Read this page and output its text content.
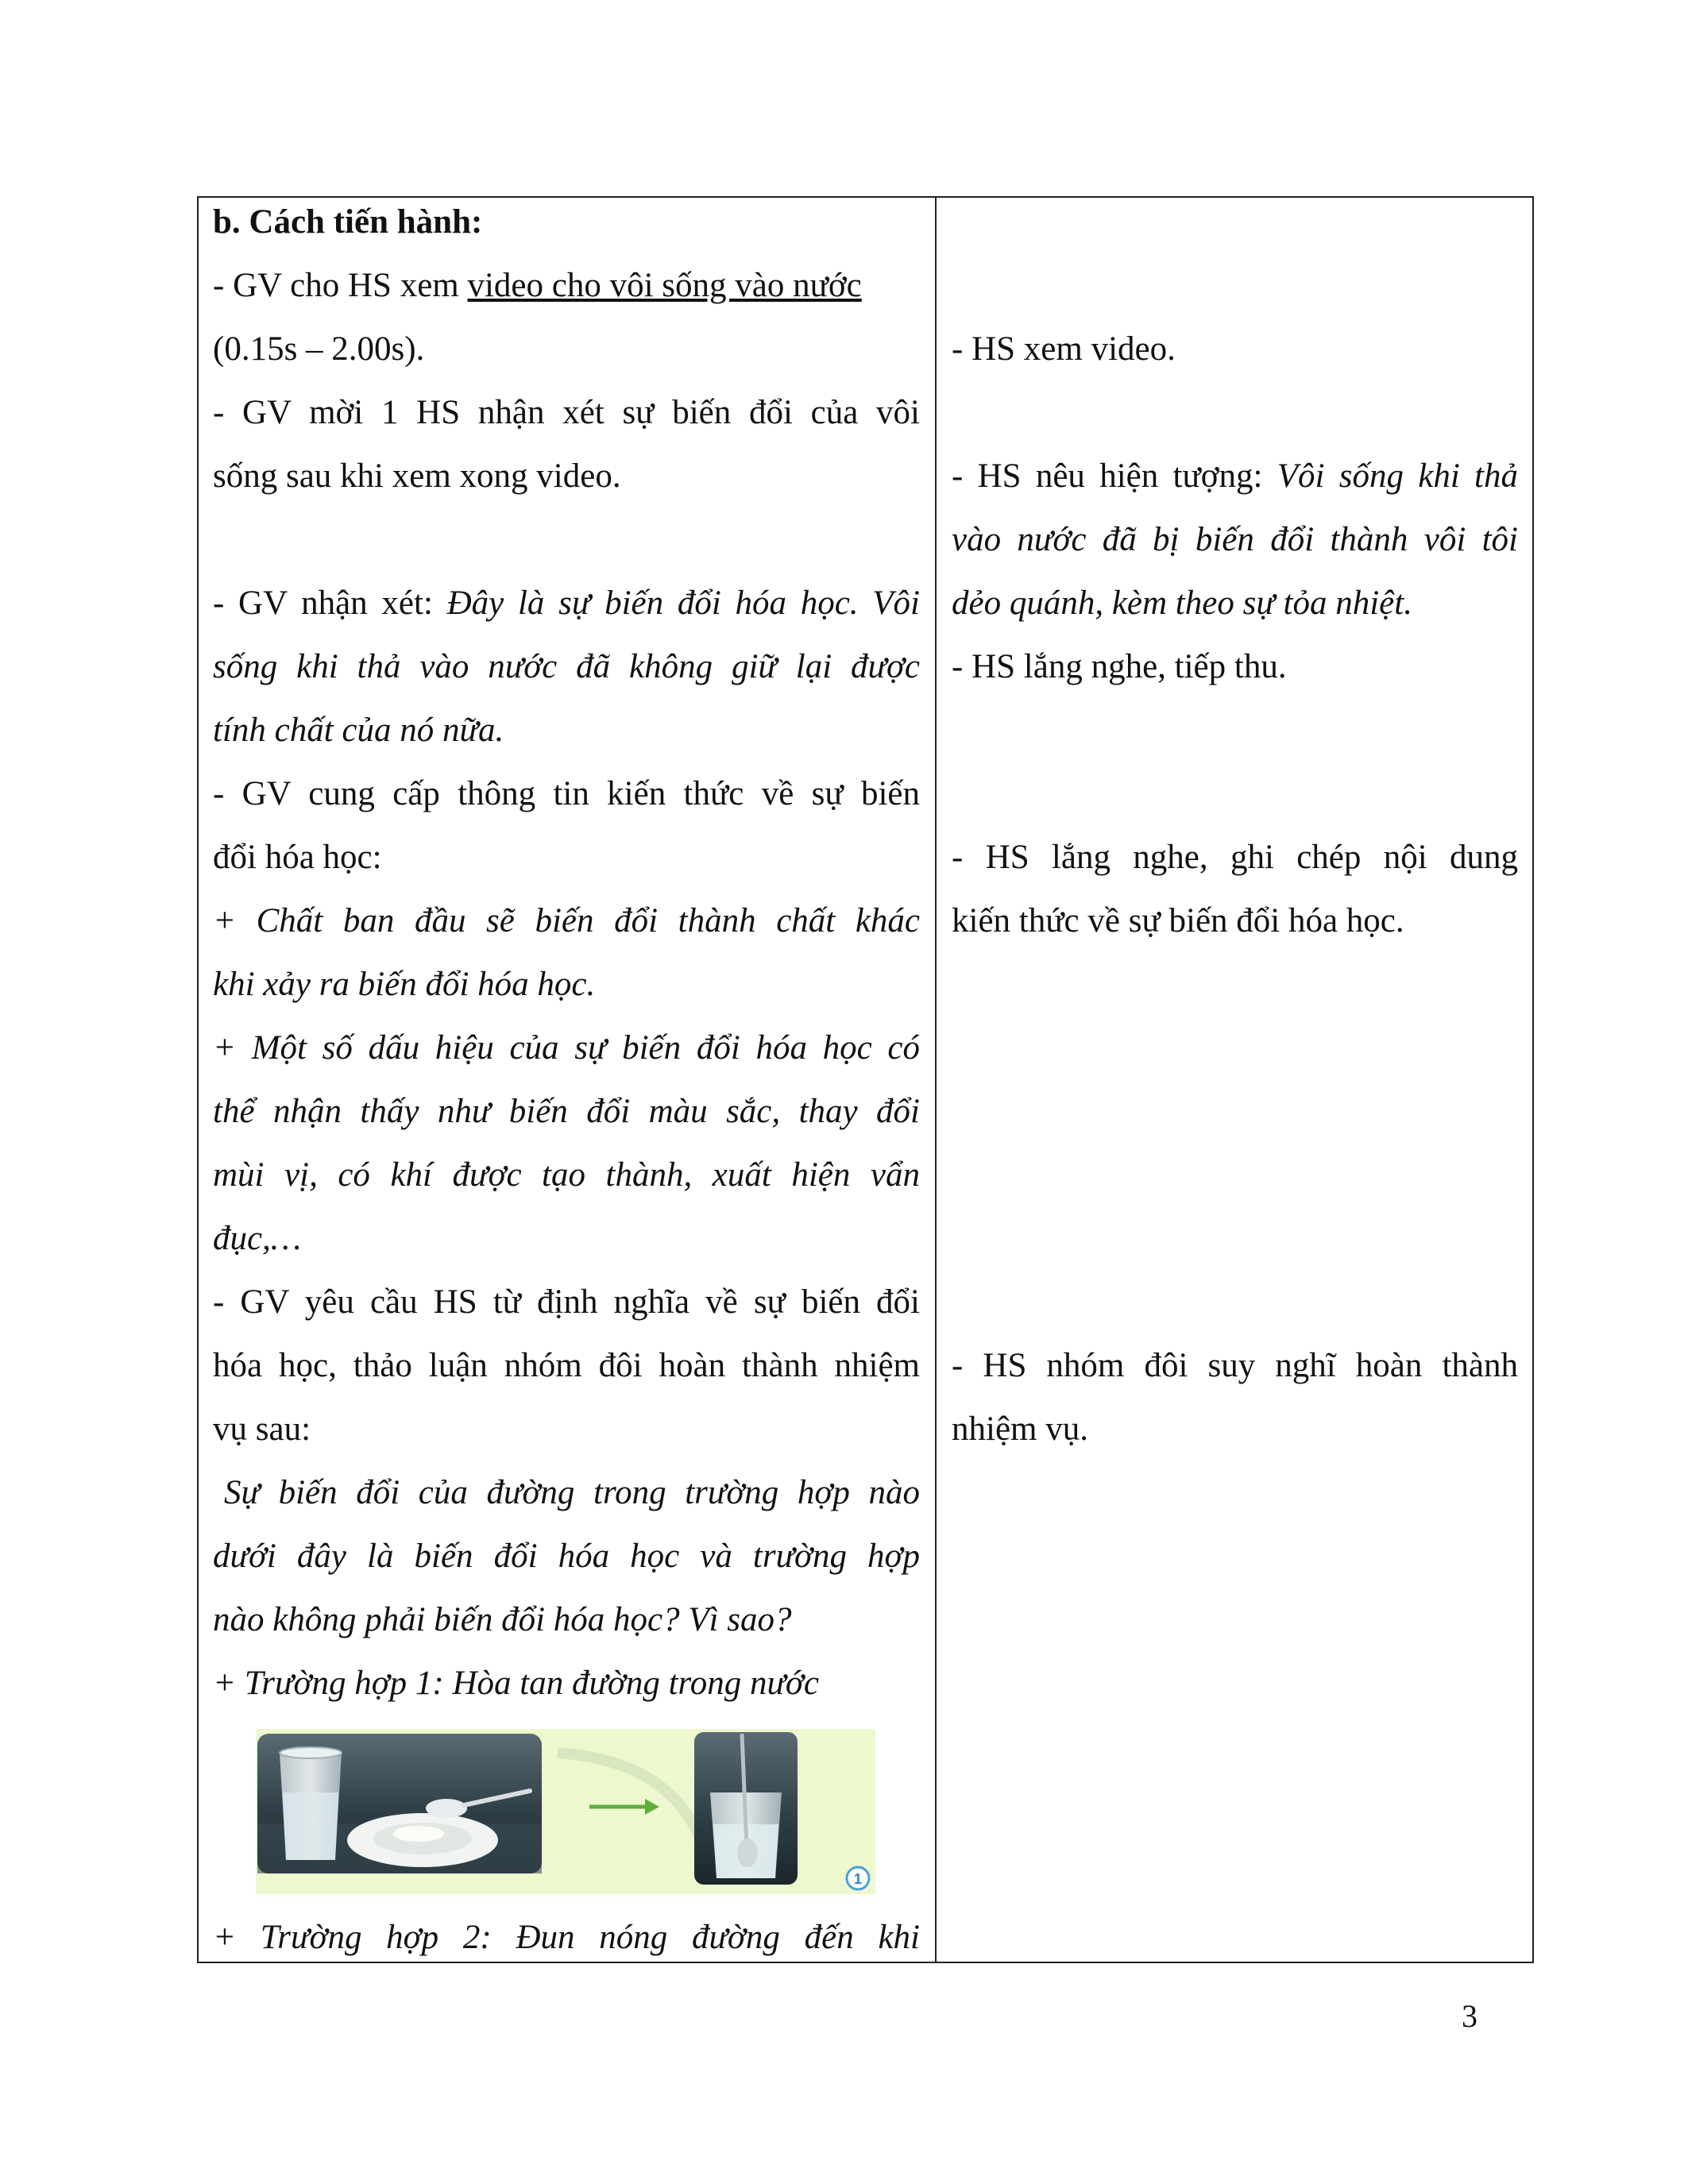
b. Cách tiến hành:
- GV cho HS xem video cho vôi sống vào nước
(0.15s – 2.00s).
- GV mời 1 HS nhận xét sự biến đổi của vôi
sống sau khi xem xong video.
- GV nhận xét: Đây là sự biến đổi hóa học. Vôi
sống khi thả vào nước đã không giữ lại được
tính chất của nó nữa.
- GV cung cấp thông tin kiến thức về sự biến
đổi hóa học:
+ Chất ban đầu sẽ biến đổi thành chất khác
khi xảy ra biến đổi hóa học.
+ Một số dấu hiệu của sự biến đổi hóa học có
thể nhận thấy như biến đổi màu sắc, thay đổi
mùi vị, có khí được tạo thành, xuất hiện vẩn
đục,…
- GV yêu cầu HS từ định nghĩa về sự biến đổi
hóa học, thảo luận nhóm đôi hoàn thành nhiệm
vụ sau:
Sự biến đổi của đường trong trường hợp nào
dưới đây là biến đổi hóa học và trường hợp
nào không phải biến đổi hóa học? Vì sao?
+ Trường hợp 1: Hòa tan đường trong nước
1
+ Trường hợp 2: Đun nóng đường đến khi
- HS xem video.
- HS nêu hiện tượng: Vôi sống khi thả
vào nước đã bị biến đổi thành vôi tôi
dẻo quánh, kèm theo sự tỏa nhiệt.
- HS lắng nghe, tiếp thu.
- HS lắng nghe, ghi chép nội dung
kiến thức về sự biến đổi hóa học.
- HS nhóm đôi suy nghĩ hoàn thành
nhiệm vụ.
3
